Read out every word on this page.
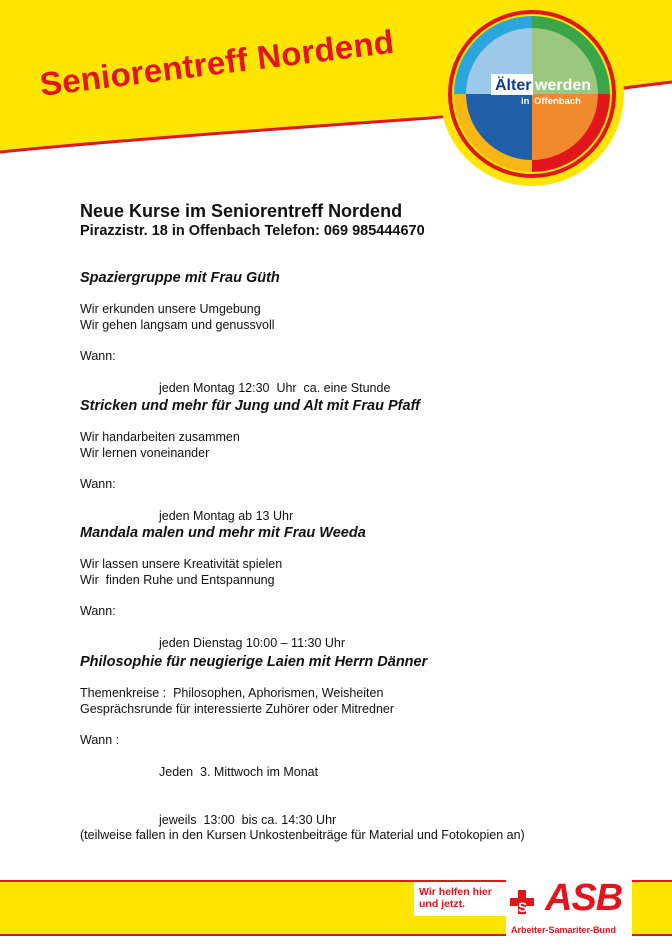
Seniorentreff Nordend	Älter werden
in Offenbach
Neue Kurse im Seniorentreff Nordend
Pirazzistr. 18 in Offenbach Telefon: 069 985444670
Spaziergruppe mit Frau Güth
Wir erkunden unsere Umgebung
Wir gehen langsam und genussvoll
Wann:

jeden Montag 12:30  Uhr  ca. eine Stunde

Stricken und mehr für Jung und Alt mit Frau Pfaff
Wir handarbeiten zusammen
Wir lernen voneinander
Wann:

jeden Montag ab 13 Uhr

Mandala malen und mehr mit Frau Weeda
Wir lassen unsere Kreativität spielen
Wir  finden Ruhe und Entspannung
Wann:

jeden Dienstag 10:00 – 11:30 Uhr

Philosophie für neugierige Laien mit Herrn Dänner
Themenkreise :  Philosophen, Aphorismen, Weisheiten
Gesprächsrunde für interessierte Zuhörer oder Mitredner
Wann :

Jeden  3. Mittwoch im Monat

jeweils  13:00  bis ca. 14:30 Uhr

(teilweise fallen in den Kursen Unkostenbeiträge für Material und Fotokopien an)
S
Wir helfen hier und jetzt.	ASB
Arbeiter-Samariter-Bund
